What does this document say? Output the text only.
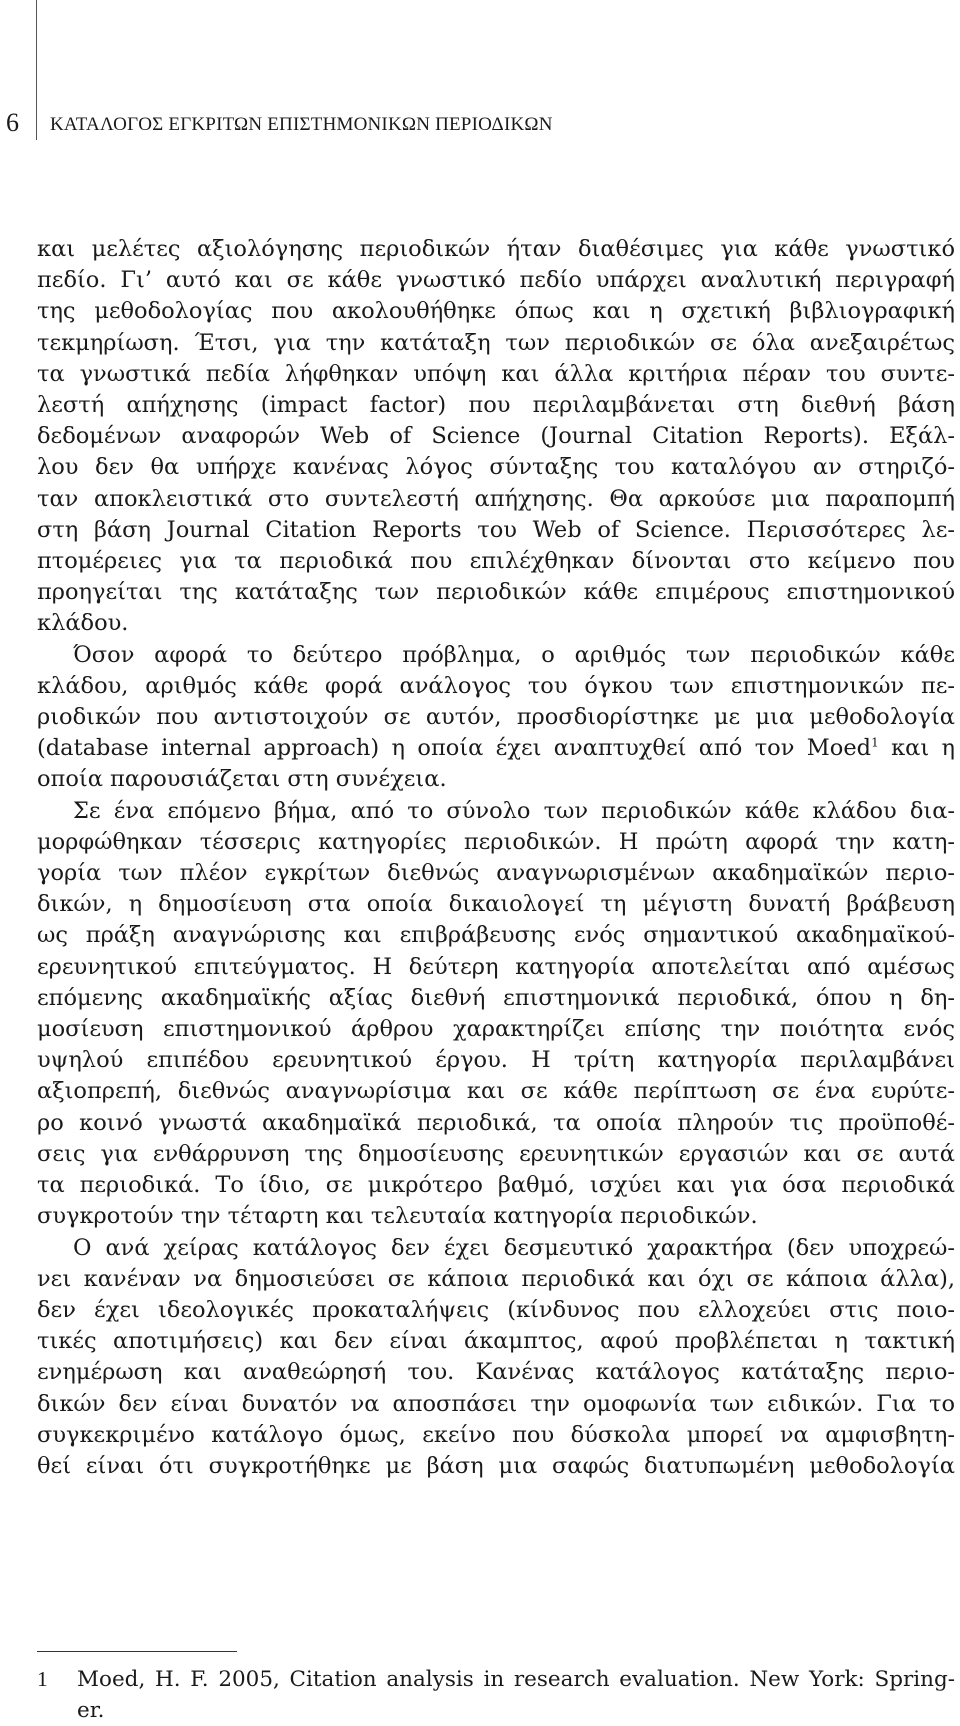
6 ΚΑΤΑΛΟΓΟΣ ΕΓΚΡΙΤΩΝ ΕΠΙΣΤΗΜΟΝΙΚΩΝ ΠΕΡΙΟΔΙΚΩΝ
και μελέτες αξιολόγησης περιοδικών ήταν διαθέσιμες για κάθε γνωστικό
πεδίο. Γι’ αυτό και σε κάθε γνωστικό πεδίο υπάρχει αναλυτική περιγραφή
της μεθοδολογίας που ακολουθήθηκε όπως και η σχετική βιβλιογραφική
τεκμηρίωση. Έτσι, για την κατάταξη των περιοδικών σε όλα ανεξαιρέτως
τα γνωστικά πεδία λήφθηκαν υπόψη και άλλα κριτήρια πέραν του συντε-
λεστή απήχησης (impact factor) που περιλαμβάνεται στη διεθνή βάση
δεδομένων αναφορών Web of Science (Journal Citation Reports). Εξάλ-
λου δεν θα υπήρχε κανένας λόγος σύνταξης του καταλόγου αν στηριζό-
ταν αποκλειστικά στο συντελεστή απήχησης. Θα αρκούσε μια παραπομπή
στη βάση Journal Citation Reports του Web of Science. Περισσότερες λε-
πτομέρειες για τα περιοδικά που επιλέχθηκαν δίνονται στο κείμενο που
προηγείται της κατάταξης των περιοδικών κάθε επιμέρους επιστημονικού
κλάδου.
Όσον αφορά το δεύτερο πρόβλημα, ο αριθμός των περιοδικών κάθε
κλάδου, αριθμός κάθε φορά ανάλογος του όγκου των επιστημονικών πε-
ριοδικών που αντιστοιχούν σε αυτόν, προσδιορίστηκε με μια μεθοδολογία
(database internal approach) η οποία έχει αναπτυχθεί από τον Moed$^1$ και η
οποία παρουσιάζεται στη συνέχεια.
Σε ένα επόμενο βήμα, από το σύνολο των περιοδικών κάθε κλάδου δια-
μορφώθηκαν τέσσερις κατηγορίες περιοδικών. Η πρώτη αφορά την κατη-
γορία των πλέον εγκρίτων διεθνώς αναγνωρισμένων ακαδημαϊκών περιο-
δικών, η δημοσίευση στα οποία δικαιολογεί τη μέγιστη δυνατή βράβευση
ως πράξη αναγνώρισης και επιβράβευσης ενός σημαντικού ακαδημαϊκού-
ερευνητικού επιτεύγματος. Η δεύτερη κατηγορία αποτελείται από αμέσως
επόμενης ακαδημαϊκής αξίας διεθνή επιστημονικά περιοδικά, όπου η δη-
μοσίευση επιστημονικού άρθρου χαρακτηρίζει επίσης την ποιότητα ενός
υψηλού επιπέδου ερευνητικού έργου. Η τρίτη κατηγορία περιλαμβάνει
αξιοπρεπή, διεθνώς αναγνωρίσιμα και σε κάθε περίπτωση σε ένα ευρύτε-
ρο κοινό γνωστά ακαδημαϊκά περιοδικά, τα οποία πληρούν τις προϋποθέ-
σεις για ενθάρρυνση της δημοσίευσης ερευνητικών εργασιών και σε αυτά
τα περιοδικά. Το ίδιο, σε μικρότερο βαθμό, ισχύει και για όσα περιοδικά
συγκροτούν την τέταρτη και τελευταία κατηγορία περιοδικών.
Ο ανά χείρας κατάλογος δεν έχει δεσμευτικό χαρακτήρα (δεν υποχρεώ-
νει κανέναν να δημοσιεύσει σε κάποια περιοδικά και όχι σε κάποια άλλα),
δεν έχει ιδεολογικές προκαταλήψεις (κίνδυνος που ελλοχεύει στις ποιο-
τικές αποτιμήσεις) και δεν είναι άκαμπτος, αφού προβλέπεται η τακτική
ενημέρωση και αναθεώρησή του. Κανένας κατάλογος κατάταξης περιο-
δικών δεν είναι δυνατόν να αποσπάσει την ομοφωνία των ειδικών. Για το
συγκεκριμένο κατάλογο όμως, εκείνο που δύσκολα μπορεί να αμφισβητη-
θεί είναι ότι συγκροτήθηκε με βάση μια σαφώς διατυπωμένη μεθοδολογία
1 Moed, H. F. 2005, Citation analysis in research evaluation. New York: Spring-
er.
